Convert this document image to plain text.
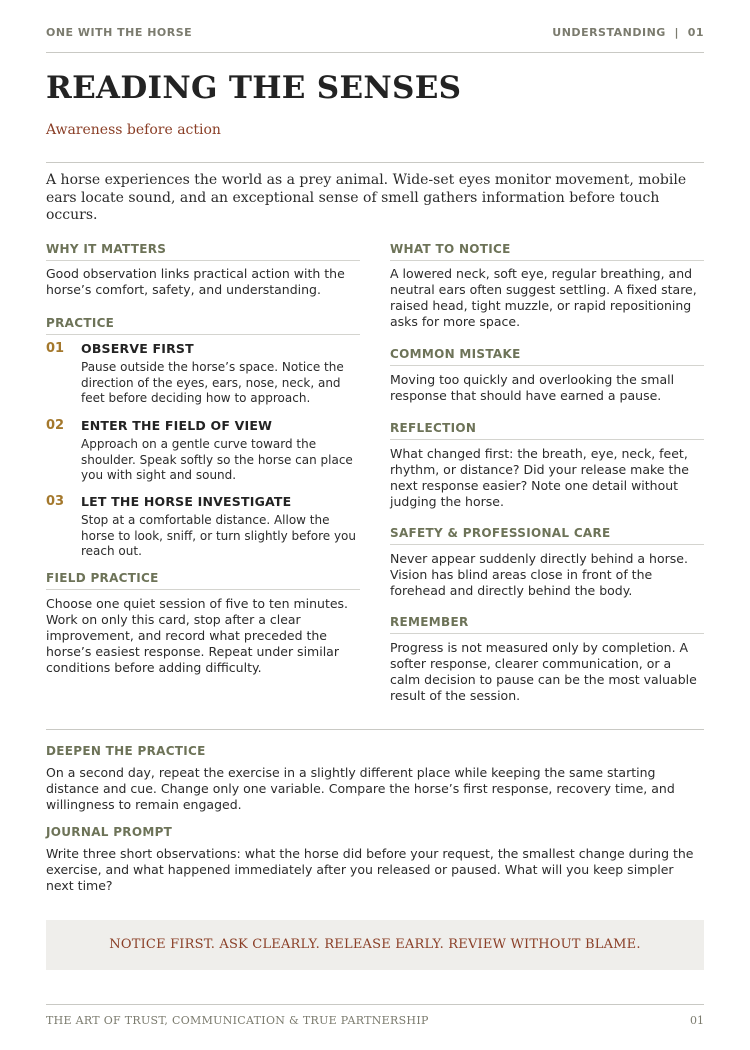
ONE WITH THE HORSE	UNDERSTANDING | 01
READING THE SENSES
Awareness before action
A horse experiences the world as a prey animal. Wide-set eyes monitor movement, mobile ears locate sound, and an exceptional sense of smell gathers information before touch occurs.
WHY IT MATTERS
Good observation links practical action with the horse’s comfort, safety, and understanding.
PRACTICE
01 OBSERVE FIRST
Pause outside the horse’s space. Notice the direction of the eyes, ears, nose, neck, and feet before deciding how to approach.
02 ENTER THE FIELD OF VIEW
Approach on a gentle curve toward the shoulder. Speak softly so the horse can place you with sight and sound.
03 LET THE HORSE INVESTIGATE
Stop at a comfortable distance. Allow the horse to look, sniff, or turn slightly before you reach out.
FIELD PRACTICE
Choose one quiet session of five to ten minutes. Work on only this card, stop after a clear improvement, and record what preceded the horse’s easiest response. Repeat under similar conditions before adding difficulty.
WHAT TO NOTICE
A lowered neck, soft eye, regular breathing, and neutral ears often suggest settling. A fixed stare, raised head, tight muzzle, or rapid repositioning asks for more space.
COMMON MISTAKE
Moving too quickly and overlooking the small response that should have earned a pause.
REFLECTION
What changed first: the breath, eye, neck, feet, rhythm, or distance? Did your release make the next response easier? Note one detail without judging the horse.
SAFETY & PROFESSIONAL CARE
Never appear suddenly directly behind a horse. Vision has blind areas close in front of the forehead and directly behind the body.
REMEMBER
Progress is not measured only by completion. A softer response, clearer communication, or a calm decision to pause can be the most valuable result of the session.
DEEPEN THE PRACTICE
On a second day, repeat the exercise in a slightly different place while keeping the same starting distance and cue. Change only one variable. Compare the horse’s first response, recovery time, and willingness to remain engaged.
JOURNAL PROMPT
Write three short observations: what the horse did before your request, the smallest change during the exercise, and what happened immediately after you released or paused. What will you keep simpler next time?
NOTICE FIRST. ASK CLEARLY. RELEASE EARLY. REVIEW WITHOUT BLAME.
THE ART OF TRUST, COMMUNICATION & TRUE PARTNERSHIP	01
